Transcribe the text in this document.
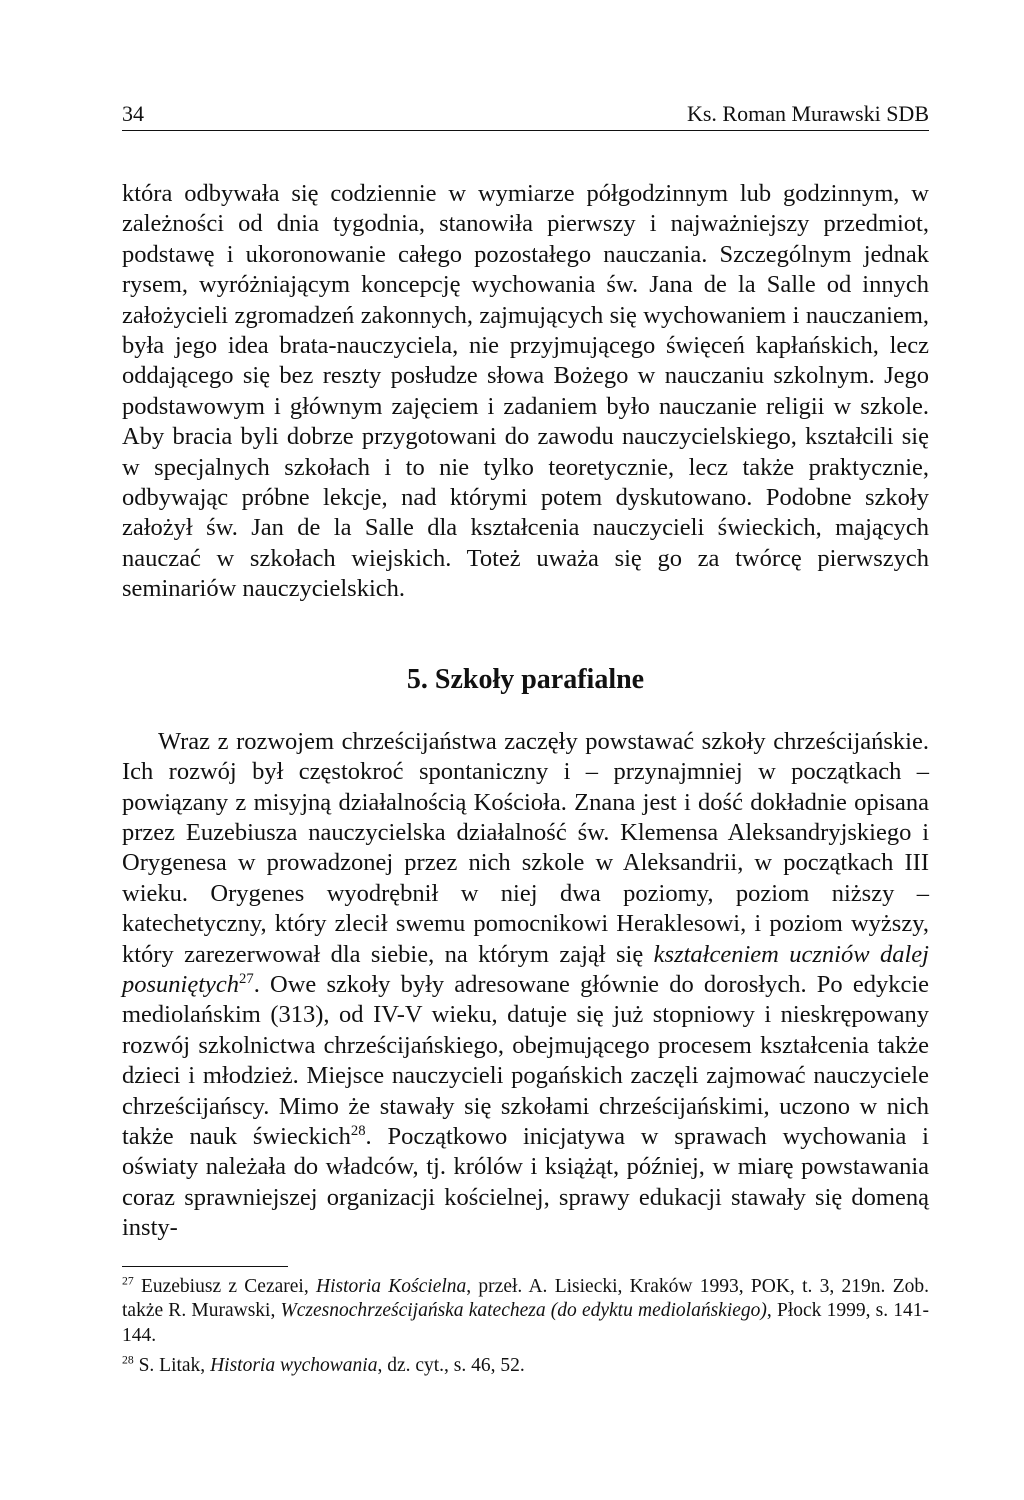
34	Ks. Roman Murawski SDB

która odbywała się codziennie w wymiarze półgodzinnym lub godzinnym, w zależności od dnia tygodnia, stanowiła pierwszy i najważniejszy przedmiot, podstawę i ukoronowanie całego pozostałego nauczania. Szczególnym jednak rysem, wyróżniającym koncepcję wychowania św. Jana de la Salle od innych założycieli zgromadzeń zakonnych, zajmujących się wychowaniem i nauczaniem, była jego idea brata-nauczyciela, nie przyjmującego święceń kapłańskich, lecz oddającego się bez reszty posłudze słowa Bożego w nauczaniu szkolnym. Jego podstawowym i głównym zajęciem i zadaniem było nauczanie religii w szkole. Aby bracia byli dobrze przygotowani do zawodu nauczycielskiego, kształcili się w specjalnych szkołach i to nie tylko teoretycznie, lecz także praktycznie, odbywając próbne lekcje, nad którymi potem dyskutowano. Podobne szkoły założył św. Jan de la Salle dla kształcenia nauczycieli świeckich, mających nauczać w szkołach wiejskich. Toteż uważa się go za twórcę pierwszych seminariów nauczycielskich.

5. Szkoły parafialne

Wraz z rozwojem chrześcijaństwa zaczęły powstawać szkoły chrześcijańskie. Ich rozwój był częstokroć spontaniczny i – przynajmniej w początkach – powiązany z misyjną działalnością Kościoła. Znana jest i dość dokładnie opisana przez Euzebiusza nauczycielska działalność św. Klemensa Aleksandryjskiego i Orygenesa w prowadzonej przez nich szkole w Aleksandrii, w początkach III wieku. Orygenes wyodrębnił w niej dwa poziomy, poziom niższy – katechetyczny, który zlecił swemu pomocnikowi Heraklesowi, i poziom wyższy, który zarezerwował dla siebie, na którym zajął się kształceniem uczniów dalej posuniętych$^{27}$. Owe szkoły były adresowane głównie do dorosłych. Po edykcie mediolańskim (313), od IV-V wieku, datuje się już stopniowy i nieskrępowany rozwój szkolnictwa chrześcijańskiego, obejmującego procesem kształcenia także dzieci i młodzież. Miejsce nauczycieli pogańskich zaczęli zajmować nauczyciele chrześcijańscy. Mimo że stawały się szkołami chrześcijańskimi, uczono w nich także nauk świeckich$^{28}$. Początkowo inicjatywa w sprawach wychowania i oświaty należała do władców, tj. królów i książąt, później, w miarę powstawania coraz sprawniejszej organizacji kościelnej, sprawy edukacji stawały się domeną insty-

$^{27}$ Euzebiusz z Cezarei, Historia Kościelna, przeł. A. Lisiecki, Kraków 1993, POK, t. 3, 219n. Zob. także R. Murawski, Wczesnochrześcijańska katecheza (do edyktu mediolańskiego), Płock 1999, s. 141-144.

$^{28}$ S. Litak, Historia wychowania, dz. cyt., s. 46, 52.
